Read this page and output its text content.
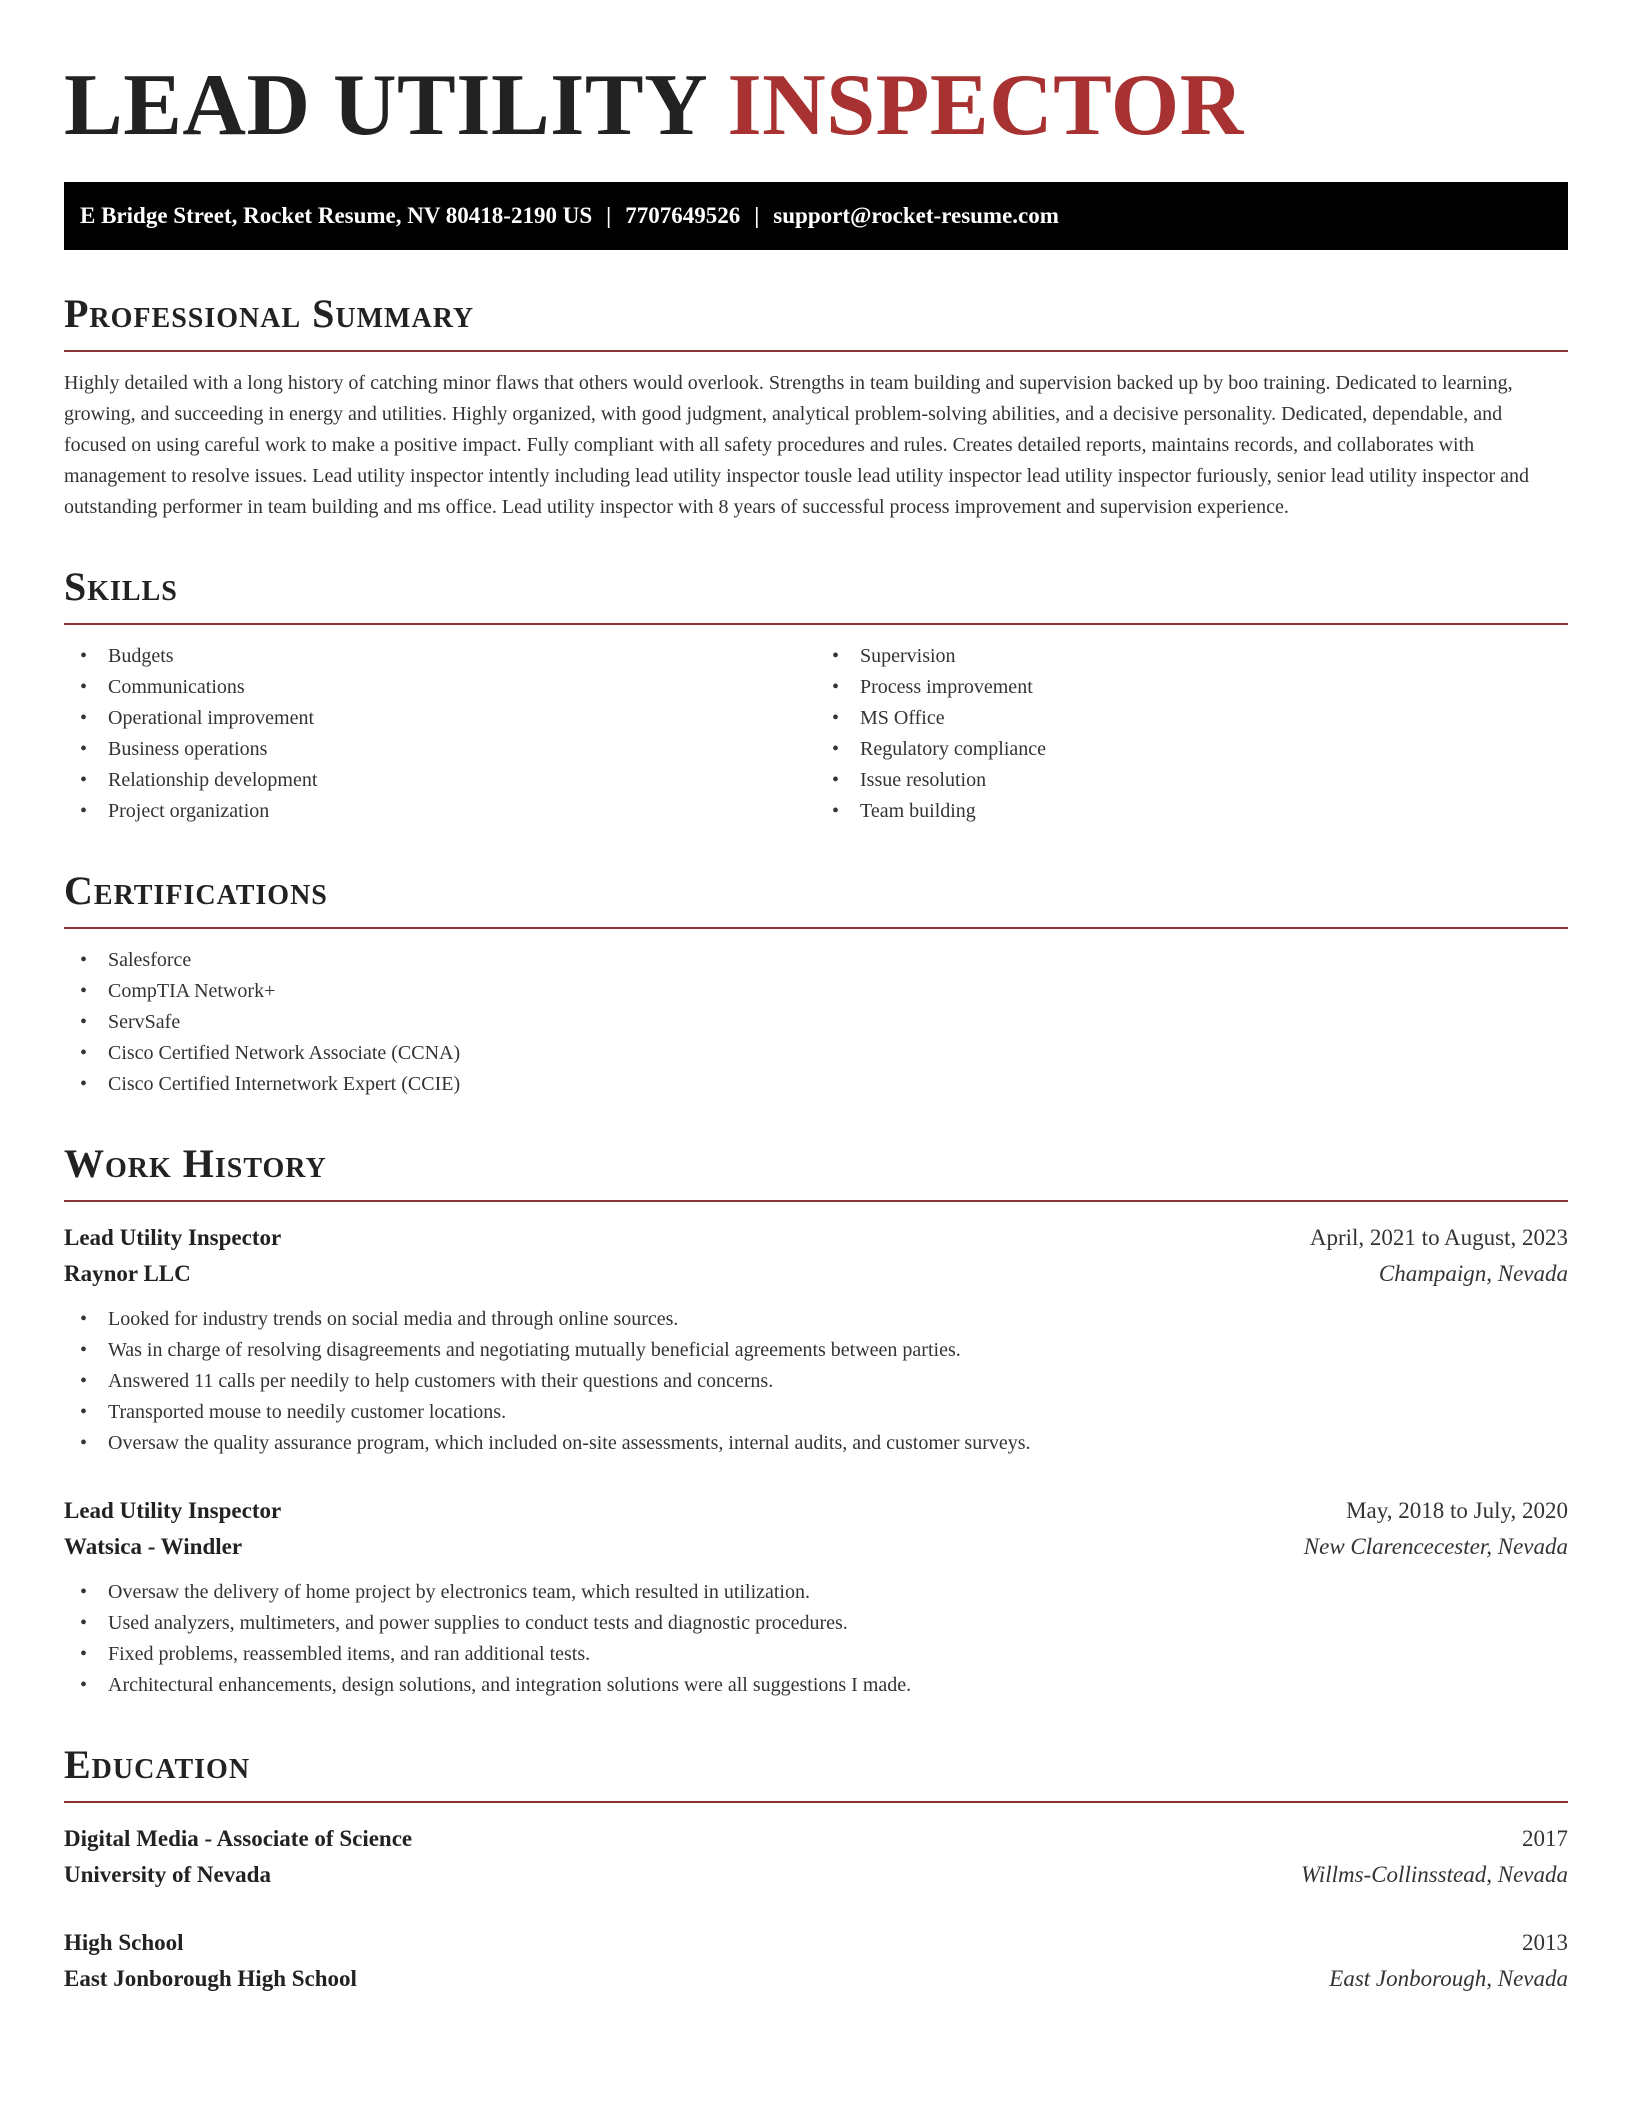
LEAD UTILITY INSPECTOR
E Bridge Street, Rocket Resume, NV 80418-2190 US | 7707649526 | support@rocket-resume.com
Professional Summary

Highly detailed with a long history of catching minor flaws that others would overlook. Strengths in team building and supervision backed up by boo training. Dedicated to learning, growing, and succeeding in energy and utilities. Highly organized, with good judgment, analytical problem-solving abilities, and a decisive personality. Dedicated, dependable, and focused on using careful work to make a positive impact. Fully compliant with all safety procedures and rules. Creates detailed reports, maintains records, and collaborates with management to resolve issues. Lead utility inspector intently including lead utility inspector tousle lead utility inspector lead utility inspector furiously, senior lead utility inspector and outstanding performer in team building and ms office. Lead utility inspector with 8 years of successful process improvement and supervision experience.

Skills
• Budgets
• Communications
• Operational improvement
• Business operations
• Relationship development
• Project organization
• Supervision
• Process improvement
• MS Office
• Regulatory compliance
• Issue resolution
• Team building
Certifications
• Salesforce
• CompTIA Network+
• ServSafe
• Cisco Certified Network Associate (CCNA)
• Cisco Certified Internetwork Expert (CCIE)
Work History
Lead Utility Inspector	April, 2021 to August, 2023
Raynor LLC	Champaign, Nevada
• Looked for industry trends on social media and through online sources.
• Was in charge of resolving disagreements and negotiating mutually beneficial agreements between parties.
• Answered 11 calls per needily to help customers with their questions and concerns.
• Transported mouse to needily customer locations.
• Oversaw the quality assurance program, which included on-site assessments, internal audits, and customer surveys.
Lead Utility Inspector	May, 2018 to July, 2020
Watsica - Windler	New Clarencecester, Nevada
• Oversaw the delivery of home project by electronics team, which resulted in utilization.
• Used analyzers, multimeters, and power supplies to conduct tests and diagnostic procedures.
• Fixed problems, reassembled items, and ran additional tests.
• Architectural enhancements, design solutions, and integration solutions were all suggestions I made.
Education
Digital Media - Associate of Science	2017
University of Nevada	Willms-Collinsstead, Nevada
High School	2013
East Jonborough High School	East Jonborough, Nevada
